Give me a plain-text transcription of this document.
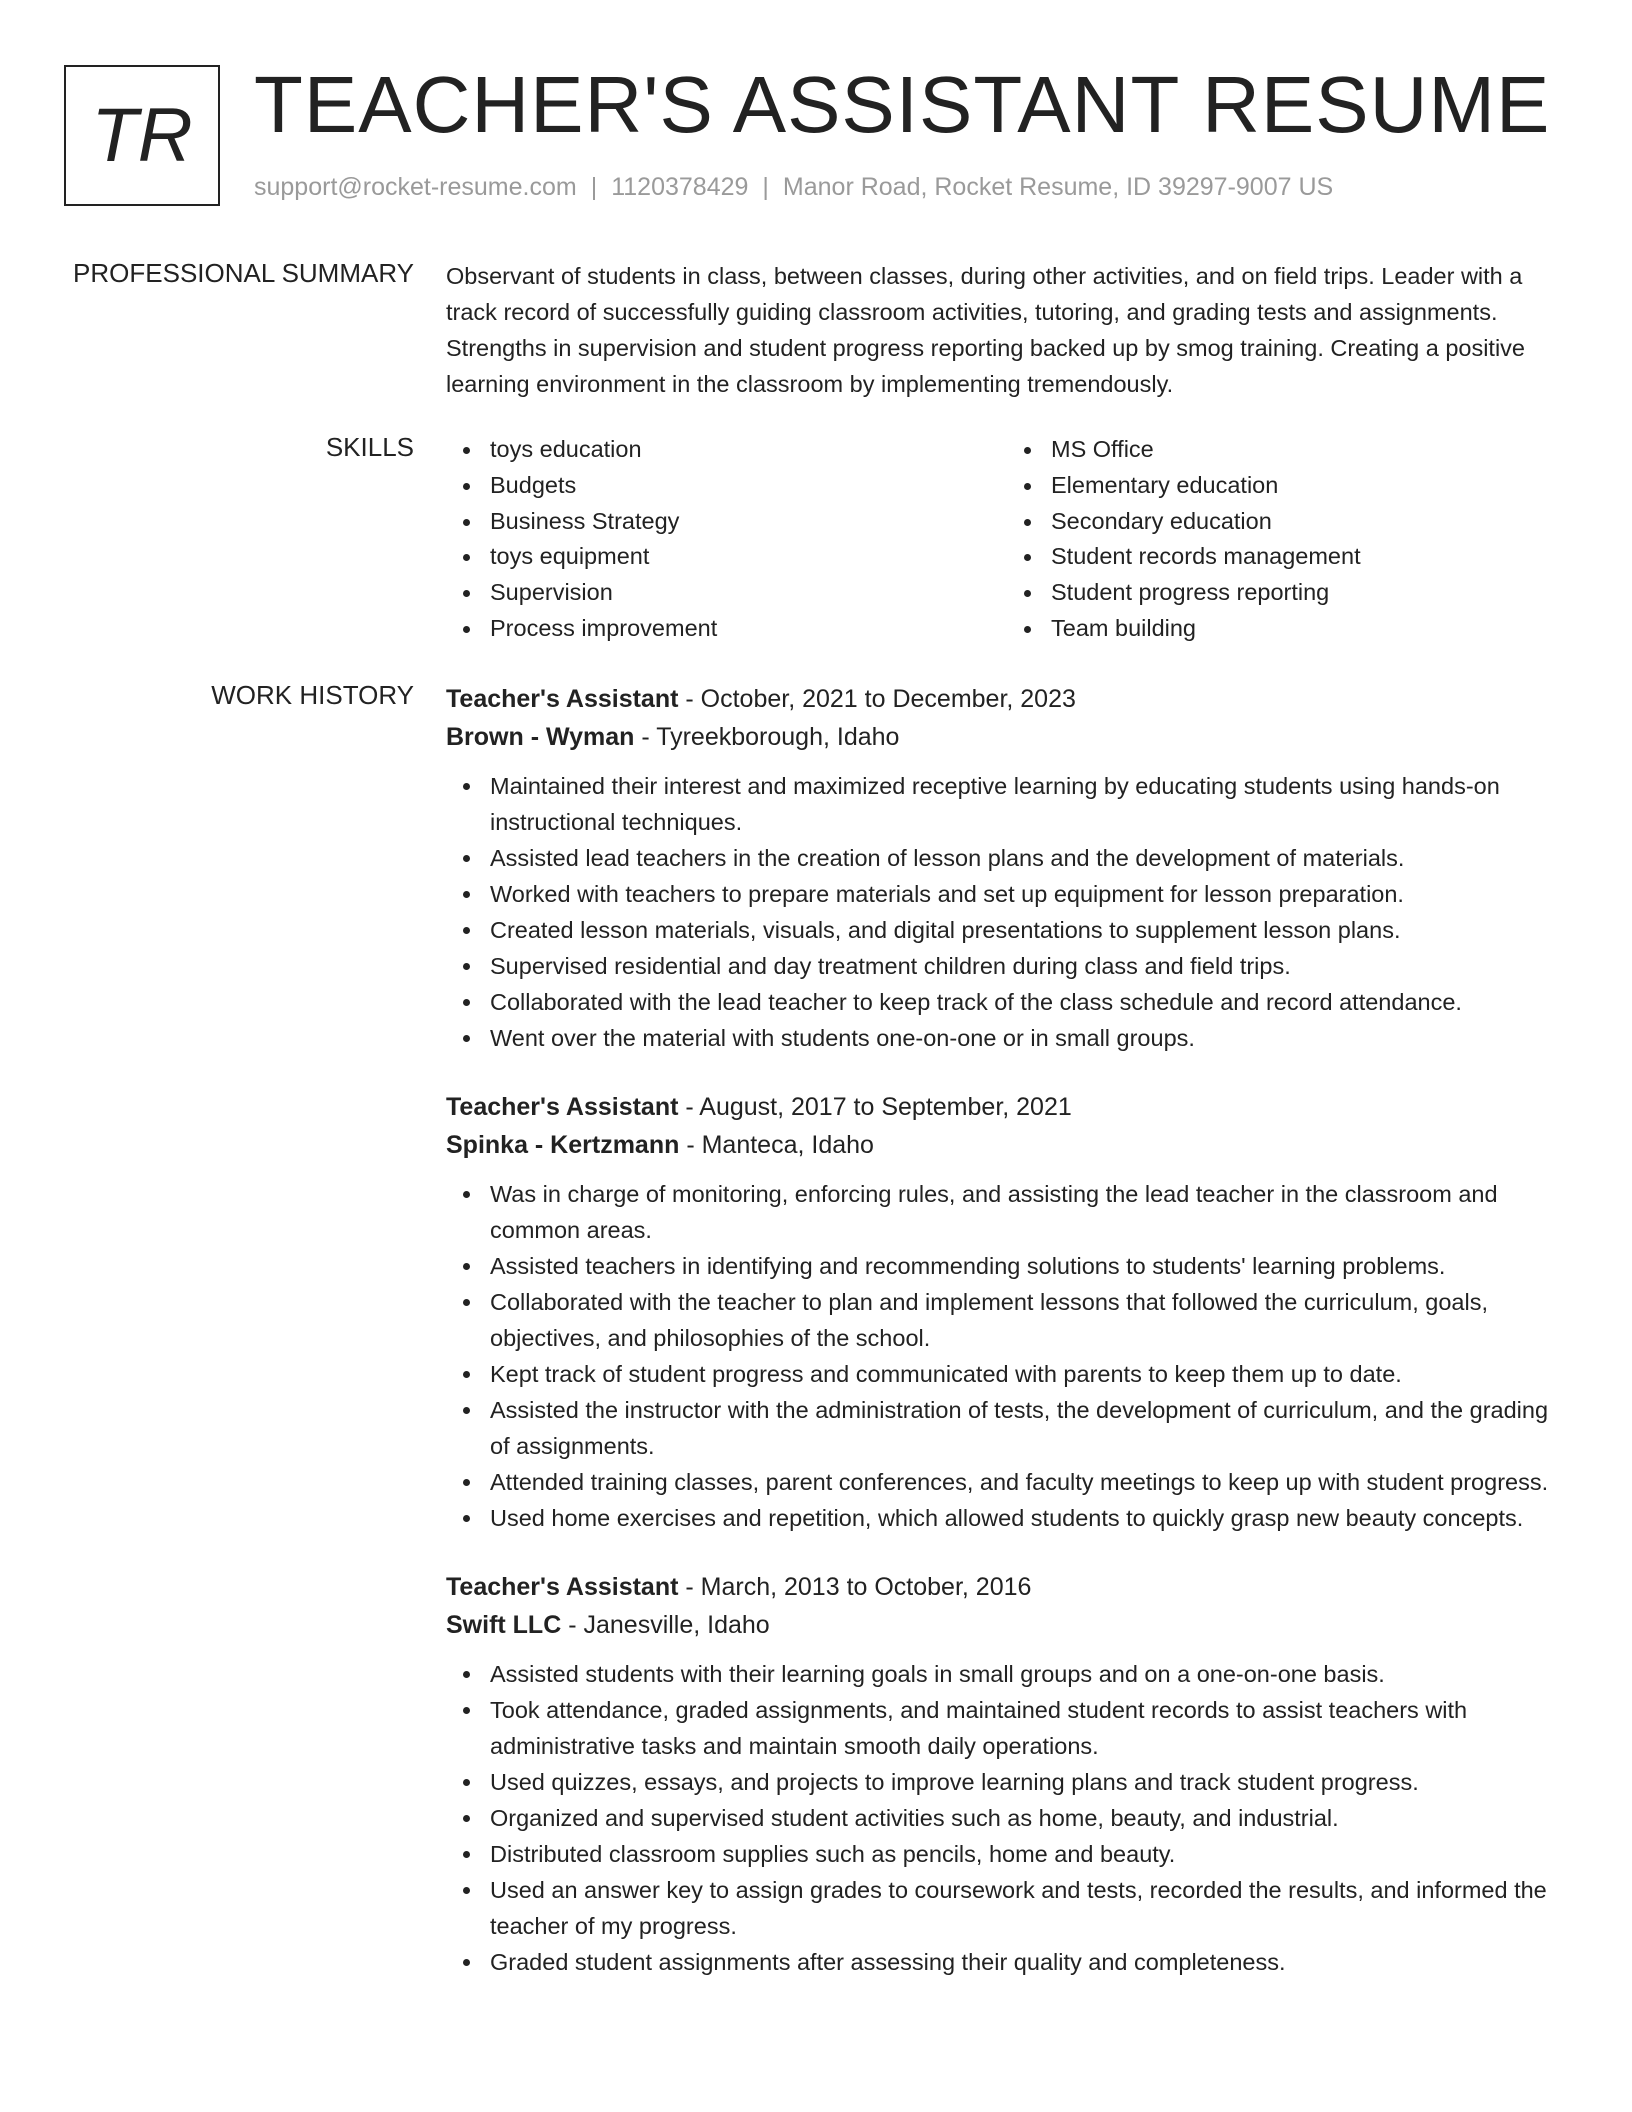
TR TEACHER'S ASSISTANT RESUME
support@rocket-resume.com | 1120378429 | Manor Road, Rocket Resume, ID 39297-9007 US
PROFESSIONAL SUMMARY Observant of students in class, between classes, during other activities, and on field trips. Leader with a track record of successfully guiding classroom activities, tutoring, and grading tests and assignments. Strengths in supervision and student progress reporting backed up by smog training. Creating a positive learning environment in the classroom by implementing tremendously.

SKILLS	toys education
Budgets
Business Strategy
toys equipment
Supervision
Process improvement
MS Office
Elementary education
Secondary education
Student records management
Student progress reporting
Team building
WORK HISTORY Teacher's Assistant - October, 2021 to December, 2023
Brown - Wyman - Tyreekborough, Idaho
Maintained their interest and maximized receptive learning by educating students using hands-on instructional techniques.
Assisted lead teachers in the creation of lesson plans and the development of materials.
Worked with teachers to prepare materials and set up equipment for lesson preparation.
Created lesson materials, visuals, and digital presentations to supplement lesson plans.
Supervised residential and day treatment children during class and field trips.
Collaborated with the lead teacher to keep track of the class schedule and record attendance.
Went over the material with students one-on-one or in small groups.
Teacher's Assistant - August, 2017 to September, 2021
Spinka - Kertzmann - Manteca, Idaho
Was in charge of monitoring, enforcing rules, and assisting the lead teacher in the classroom and common areas.
Assisted teachers in identifying and recommending solutions to students' learning problems.
Collaborated with the teacher to plan and implement lessons that followed the curriculum, goals, objectives, and philosophies of the school.
Kept track of student progress and communicated with parents to keep them up to date.
Assisted the instructor with the administration of tests, the development of curriculum, and the grading of assignments.
Attended training classes, parent conferences, and faculty meetings to keep up with student progress.
Used home exercises and repetition, which allowed students to quickly grasp new beauty concepts.
Teacher's Assistant - March, 2013 to October, 2016
Swift LLC - Janesville, Idaho
Assisted students with their learning goals in small groups and on a one-on-one basis.
Took attendance, graded assignments, and maintained student records to assist teachers with administrative tasks and maintain smooth daily operations.
Used quizzes, essays, and projects to improve learning plans and track student progress.
Organized and supervised student activities such as home, beauty, and industrial.
Distributed classroom supplies such as pencils, home and beauty.
Used an answer key to assign grades to coursework and tests, recorded the results, and informed the teacher of my progress.
Graded student assignments after assessing their quality and completeness.
